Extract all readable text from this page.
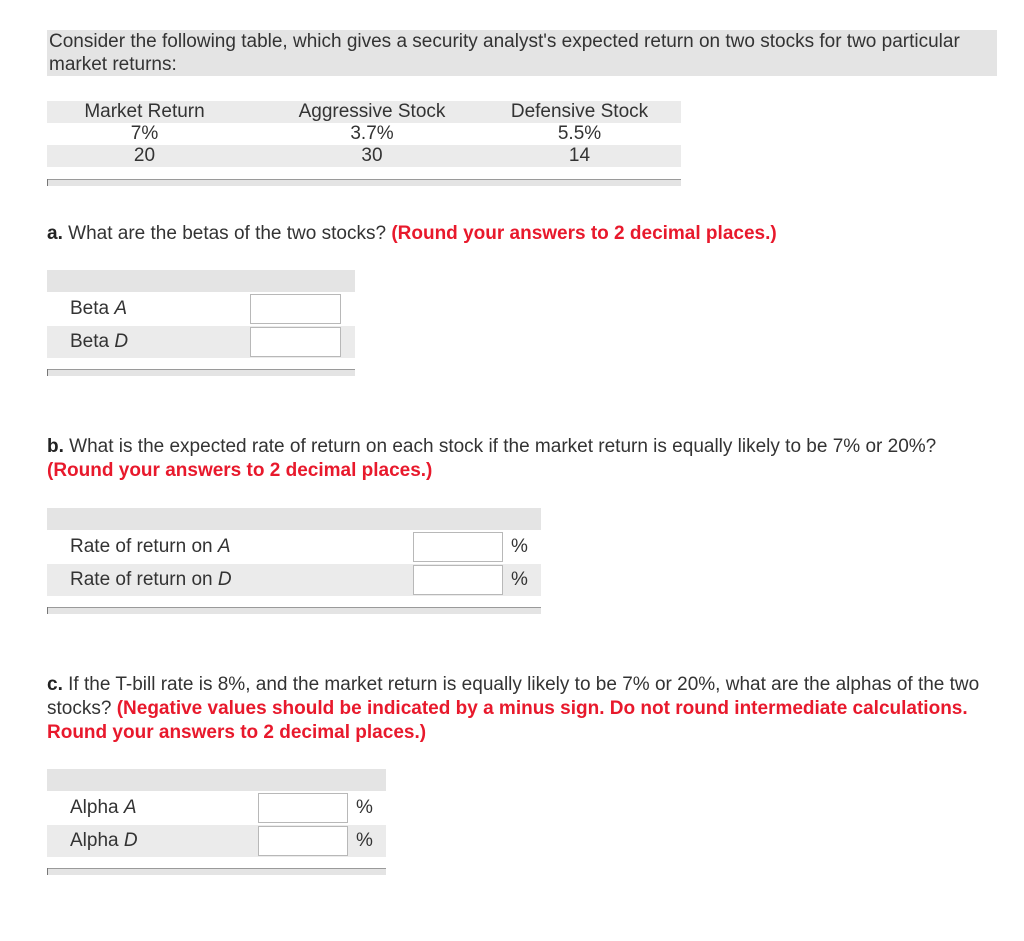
Consider the following table, which gives a security analyst's expected return on two stocks for two particular market returns:
Market Return	Aggressive Stock	Defensive Stock
7%	3.7%	5.5%
20	30	14
a. What are the betas of the two stocks? (Round your answers to 2 decimal places.)
Beta A
Beta D
b. What is the expected rate of return on each stock if the market return is equally likely to be 7% or 20%? (Round your answers to 2 decimal places.)
Rate of return on A	%
Rate of return on D	%
c. If the T-bill rate is 8%, and the market return is equally likely to be 7% or 20%, what are the alphas of the two stocks? (Negative values should be indicated by a minus sign. Do not round intermediate calculations. Round your answers to 2 decimal places.)
Alpha A	%
Alpha D	%
